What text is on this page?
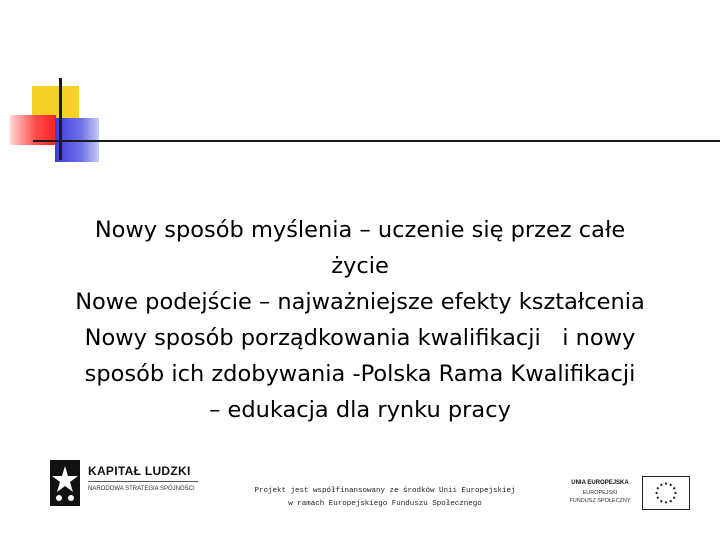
Nowy sposób myślenia – uczenie się przez całe

życie

Nowe podejście – najważniejsze efekty kształcenia

Nowy sposób porządkowania kwalifikacji   i nowy

sposób ich zdobywania -Polska Rama Kwalifikacji

– edukacja dla rynku pracy

KAPITAŁ LUDZKI
NARODOWA STRATEGIA SPÓJNOŚCI	Projekt jest współfinansowany ze środków Unii Europejskiej

w ramach Europejskiego Funduszu Społecznego

UNIA EUROPEJSKA
EUROPEJSKI
FUNDUSZ SPOŁECZNY
